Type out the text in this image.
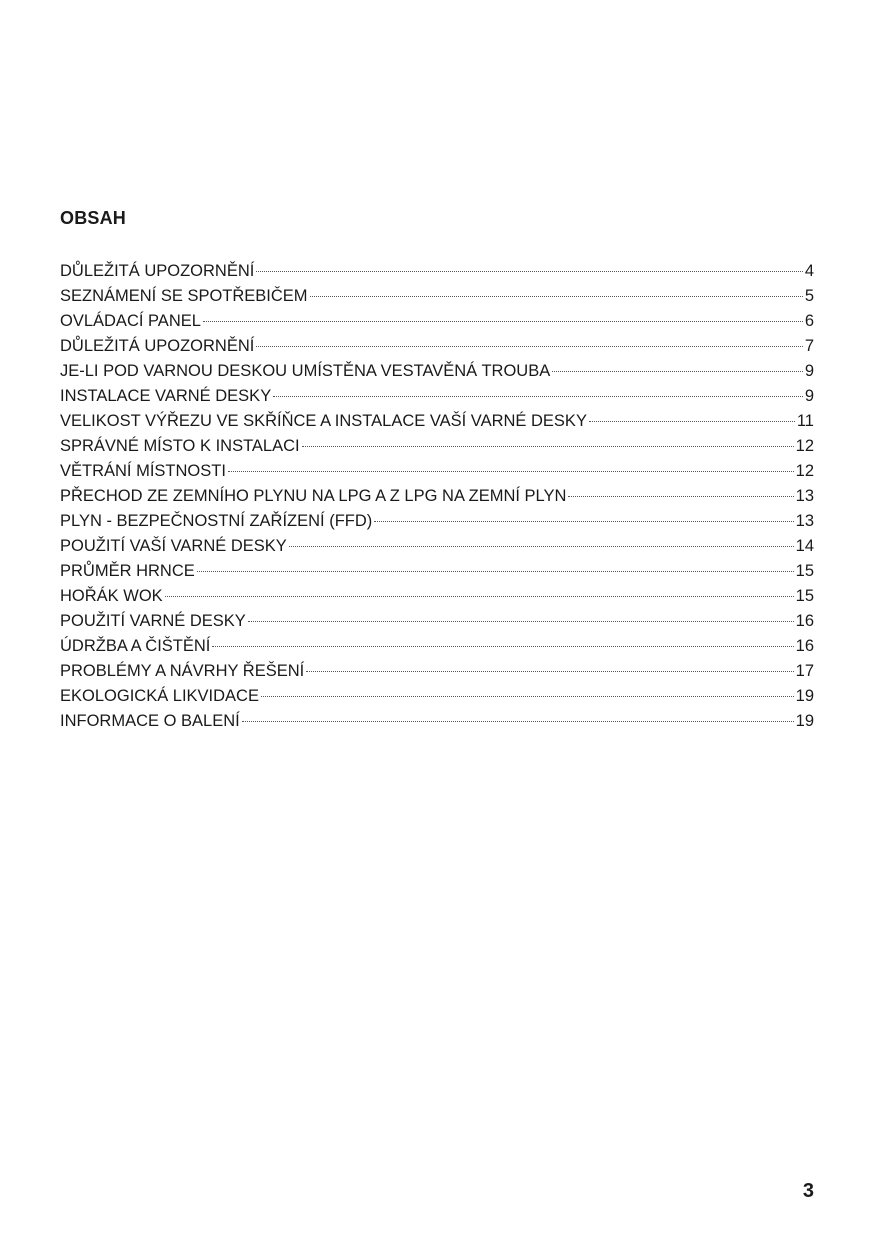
OBSAH
DŮLEŽITÁ UPOZORNĚNÍ	4
SEZNÁMENÍ SE SPOTŘEBIČEM	5
OVLÁDACÍ PANEL	6
DŮLEŽITÁ UPOZORNĚNÍ	7
JE-LI POD VARNOU DESKOU UMÍSTĚNA VESTAVĚNÁ TROUBA	9
INSTALACE VARNÉ DESKY	9
VELIKOST VÝŘEZU VE SKŘÍŇCE A INSTALACE VAŠÍ VARNÉ DESKY	11
SPRÁVNÉ MÍSTO K INSTALACI	12
VĚTRÁNÍ MÍSTNOSTI	12
PŘECHOD ZE ZEMNÍHO PLYNU NA LPG A Z LPG NA ZEMNÍ PLYN	13
PLYN - BEZPEČNOSTNÍ ZAŘÍZENÍ (FFD)	13
POUŽITÍ VAŠÍ VARNÉ DESKY	14
PRŮMĚR HRNCE	15
HOŘÁK WOK	15
POUŽITÍ VARNÉ DESKY	16
ÚDRŽBA A ČIŠTĚNÍ	16
PROBLÉMY A NÁVRHY ŘEŠENÍ	17
EKOLOGICKÁ LIKVIDACE	19
INFORMACE O BALENÍ	19
3
